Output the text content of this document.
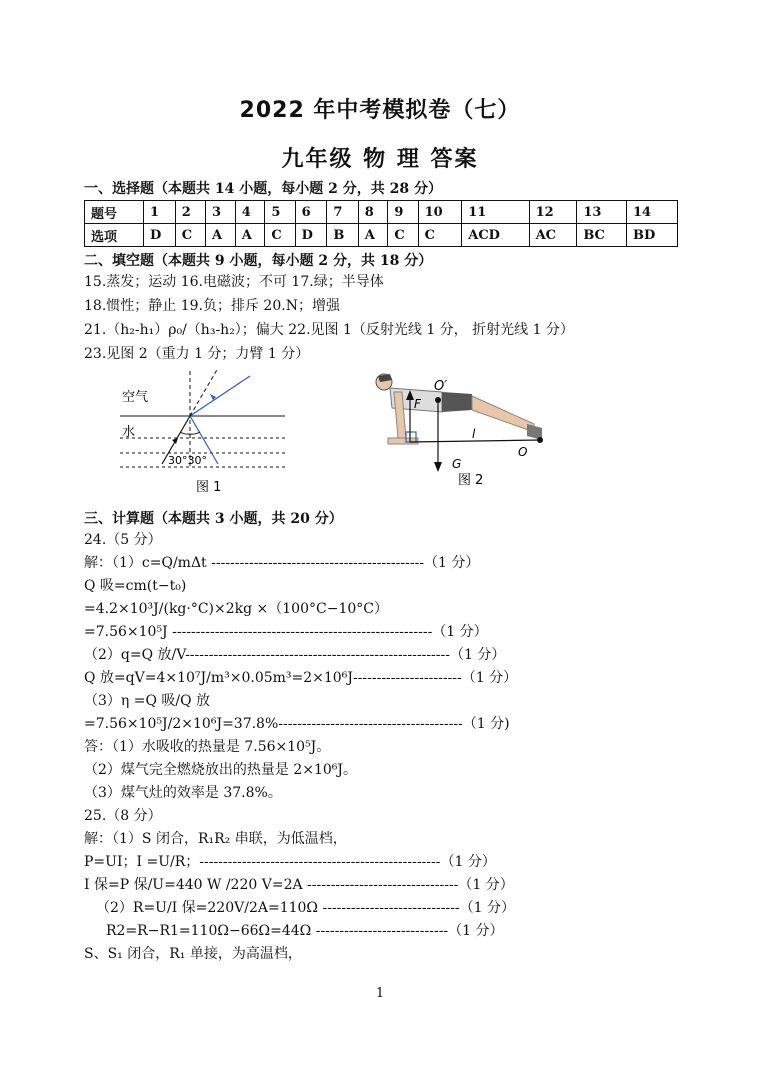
2022 年中考模拟卷（七）
九年级 物 理 答案
一、选择题（本题共 14 小题，每小题 2 分，共 28 分）
题号	1	2	3	4	5	6	7	8	9	10	11	12	13	14
选项	D	C	A	A	C	D	B	A	C	C	ACD	AC	BC	BD
二、填空题（本题共 9 小题，每小题 2 分，共 18 分）
15.蒸发；运动 16.电磁波；不可 17.绿；半导体
18.惯性；静止 19.负；排斥 20.N；增强
21.（h₂-h₁）ρ₀/（h₃-h₂）；偏大 22.见图 1（反射光线 1 分， 折射光线 1 分）
23.见图 2（重力 1 分；力臂 1 分）
空气
水
30°30°
图 1
O′
F
l
G
O
图 2
三、计算题（本题共 3 小题，共 20 分）
24.（5 分）
解：（1）c=Q/mΔt ---------------------------------------------（1 分）
Q 吸=cm(t−t₀)
=4.2×10³J/(kg·°C)×2kg ×（100°C−10°C）
=7.56×10⁵J -------------------------------------------------------（1 分）
（2）q=Q 放/V--------------------------------------------------------（1 分）
Q 放=qV=4×10⁷J/m³×0.05m³=2×10⁶J-----------------------（1 分）
（3）η =Q 吸/Q 放
=7.56×10⁵J/2×10⁶J=37.8%---------------------------------------（1 分)
答：（1）水吸收的热量是 7.56×10⁵J。
（2）煤气完全燃烧放出的热量是 2×10⁶J。
（3）煤气灶的效率是 37.8%。
25.（8 分）
解：（1）S 闭合，R₁R₂ 串联，为低温档，
P=UI；I =U/R；---------------------------------------------------（1 分）
I 保=P 保/U=440 W /220 V=2A --------------------------------（1 分）
（2）R=U/I 保=220V/2A=110Ω -----------------------------（1 分）
R2=R−R1=110Ω−66Ω=44Ω ----------------------------（1 分）
S、S₁ 闭合，R₁ 单接，为高温档，
1
